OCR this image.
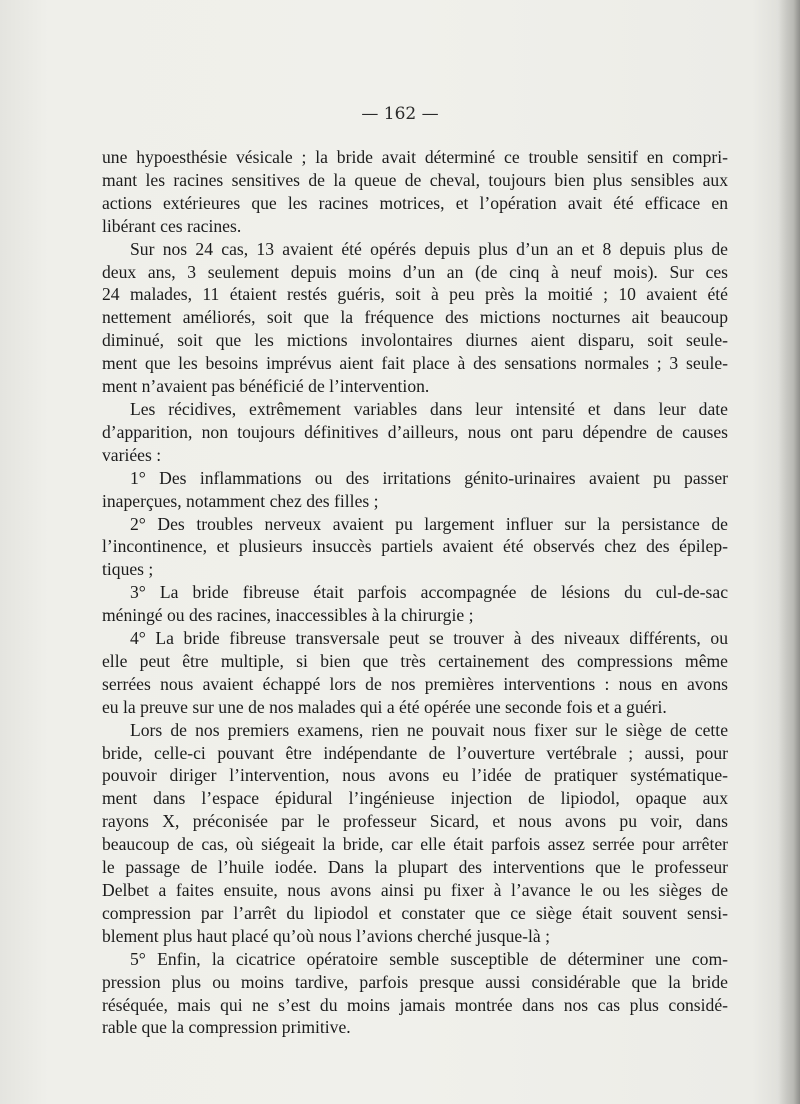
— 162 —

une hypoesthésie vésicale ; la bride avait déterminé ce trouble sensitif en compri-

mant les racines sensitives de la queue de cheval, toujours bien plus sensibles aux

actions extérieures que les racines motrices, et l’opération avait été efficace en

libérant ces racines.

Sur nos 24 cas, 13 avaient été opérés depuis plus d’un an et 8 depuis plus de

deux ans, 3 seulement depuis moins d’un an (de cinq à neuf mois). Sur ces

24 malades, 11 étaient restés guéris, soit à peu près la moitié ; 10 avaient été

nettement améliorés, soit que la fréquence des mictions nocturnes ait beaucoup

diminué, soit que les mictions involontaires diurnes aient disparu, soit seule-

ment que les besoins imprévus aient fait place à des sensations normales ; 3 seule-

ment n’avaient pas bénéficié de l’intervention.

Les récidives, extrêmement variables dans leur intensité et dans leur date

d’apparition, non toujours définitives d’ailleurs, nous ont paru dépendre de causes

variées :

1° Des inflammations ou des irritations génito-urinaires avaient pu passer

inaperçues, notamment chez des filles ;

2° Des troubles nerveux avaient pu largement influer sur la persistance de

l’incontinence, et plusieurs insuccès partiels avaient été observés chez des épilep-

tiques ;

3° La bride fibreuse était parfois accompagnée de lésions du cul-de-sac

méningé ou des racines, inaccessibles à la chirurgie ;

4° La bride fibreuse transversale peut se trouver à des niveaux différents, ou

elle peut être multiple, si bien que très certainement des compressions même

serrées nous avaient échappé lors de nos premières interventions : nous en avons

eu la preuve sur une de nos malades qui a été opérée une seconde fois et a guéri.

Lors de nos premiers examens, rien ne pouvait nous fixer sur le siège de cette

bride, celle-ci pouvant être indépendante de l’ouverture vertébrale ; aussi, pour

pouvoir diriger l’intervention, nous avons eu l’idée de pratiquer systématique-

ment dans l’espace épidural l’ingénieuse injection de lipiodol, opaque aux

rayons X, préconisée par le professeur Sicard, et nous avons pu voir, dans

beaucoup de cas, où siégeait la bride, car elle était parfois assez serrée pour arrêter

le passage de l’huile iodée. Dans la plupart des interventions que le professeur

Delbet a faites ensuite, nous avons ainsi pu fixer à l’avance le ou les sièges de

compression par l’arrêt du lipiodol et constater que ce siège était souvent sensi-

blement plus haut placé qu’où nous l’avions cherché jusque-là ;

5° Enfin, la cicatrice opératoire semble susceptible de déterminer une com-

pression plus ou moins tardive, parfois presque aussi considérable que la bride

réséquée, mais qui ne s’est du moins jamais montrée dans nos cas plus considé-

rable que la compression primitive.
